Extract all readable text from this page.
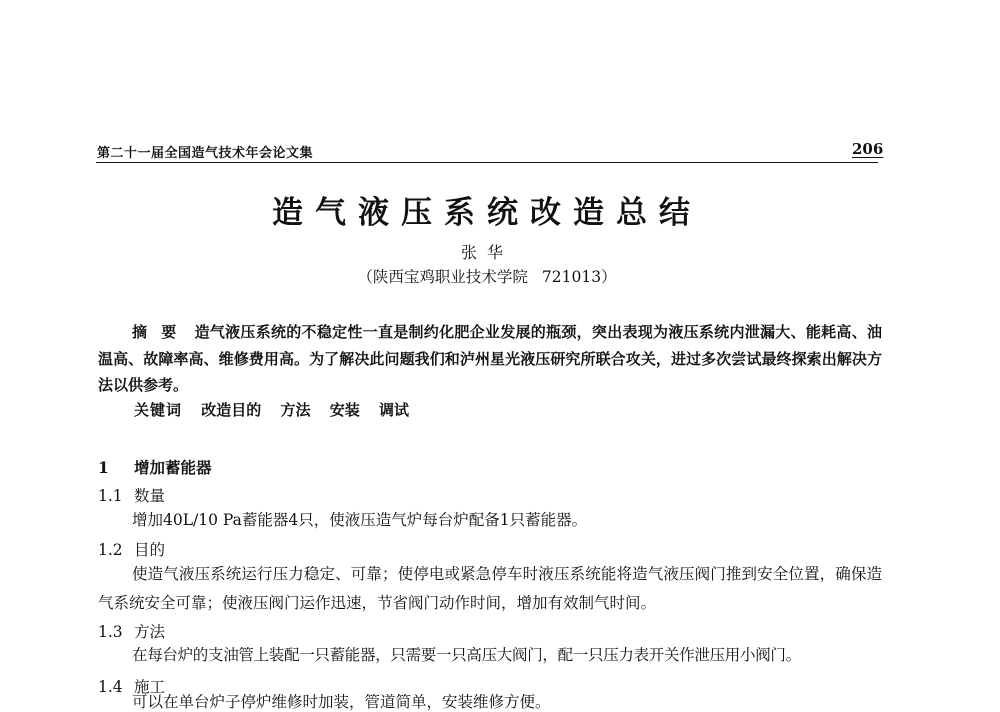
第二十一届全国造气技术年会论文集	206
造气液压系统改造总结
张华
（陕西宝鸡职业技术学院 721013）

摘要 造气液压系统的不稳定性一直是制约化肥企业发展的瓶颈，突出表现为液压系统内泄漏大、能耗高、油温高、故障率高、维修费用高。为了解决此问题我们和泸州星光液压研究所联合攻关，进过多次尝试最终探索出解决方法以供参考。

关键词 改造目的 方法 安装 调试
1 增加蓄能器
1.1 数量

增加40L/10 Pa蓄能器4只，使液压造气炉每台炉配备1只蓄能器。

1.2 目的

使造气液压系统运行压力稳定、可靠；使停电或紧急停车时液压系统能将造气液压阀门推到安全位置，确保造气系统安全可靠；使液压阀门运作迅速，节省阀门动作时间，增加有效制气时间。

1.3 方法

在每台炉的支油管上装配一只蓄能器，只需要一只高压大阀门，配一只压力表开关作泄压用小阀门。

1.4 施工
可以在单台炉子停炉维修时加装，管道简单，安装维修方便。
